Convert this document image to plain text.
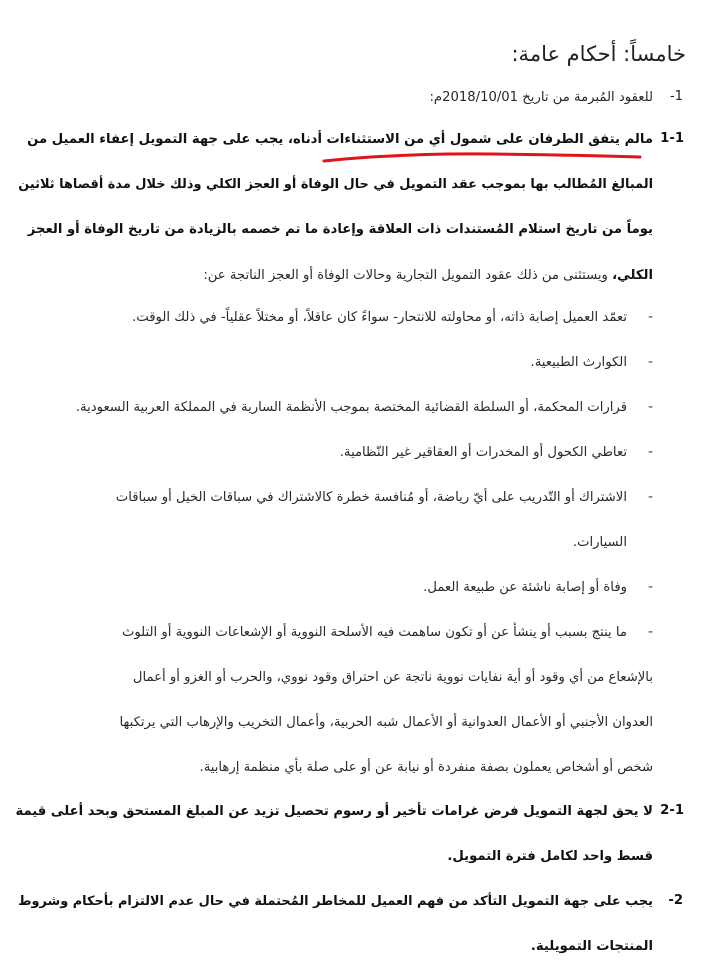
خامساً: أحكام عامة:
-1
للعقود المُبرمة من تاريخ 2018/10/01م:
1-1
مالم يتفق الطرفان على شمول أي من الاستثناءات أدناه، يجب على جهة التمويل إعفاء العميل من
المبالغ المُطالب بها بموجب عقد التمويل في حال الوفاة أو العجز الكلي وذلك خلال مدة أقصاها ثلاثين
يوماً من تاريخ استلام المُستندات ذات العلاقة وإعادة ما تم خصمه بالزيادة من تاريخ الوفاة أو العجز
الكلي، ويستثنى من ذلك عقود التمويل التجارية وحالات الوفاة أو العجز الناتجة عن:
-
تعمّد العميل إصابة ذاته، أو محاولته للانتحار- سواءً كان عاقلاً، أو مختلاً عقلياً- في ذلك الوقت.
-
الكوارث الطبيعية.
-
قرارات المحكمة، أو السلطة القضائية المختصة بموجب الأنظمة السارية في المملكة العربية السعودية.
-
تعاطي الكحول أو المخدرات أو العقاقير غير النّظامية.
-
الاشتراك أو التّدريب على أيّ رياضة، أو مُنافسة خطرة كالاشتراك في سباقات الخيل أو سباقات
السيارات.
-
وفاة أو إصابة ناشئة عن طبيعة العمل.
-
ما ينتج بسبب أو ينشأ عن أو تكون ساهمت فيه الأسلحة النووية أو الإشعاعات النووية أو التلوث
بالإشعاع من أي وقود أو أية نفايات نووية ناتجة عن احتراق وقود نووي، والحرب أو الغزو أو أعمال
العدوان الأجنبي أو الأعمال العدوانية أو الأعمال شبه الحربية، وأعمال التخريب والإرهاب التي يرتكبها
شخص أو أشخاص يعملون بصفة منفردة أو نيابة عن أو على صلة بأي منظمة إرهابية.
2-1
لا يحق لجهة التمويل فرض غرامات تأخير أو رسوم تحصيل تزيد عن المبلغ المستحق وبحد أعلى قيمة
قسط واحد لكامل فترة التمويل.
-2
يجب على جهة التمويل التأكد من فهم العميل للمخاطر المُحتملة في حال عدم الالتزام بأحكام وشروط
المنتجات التمويلية.
